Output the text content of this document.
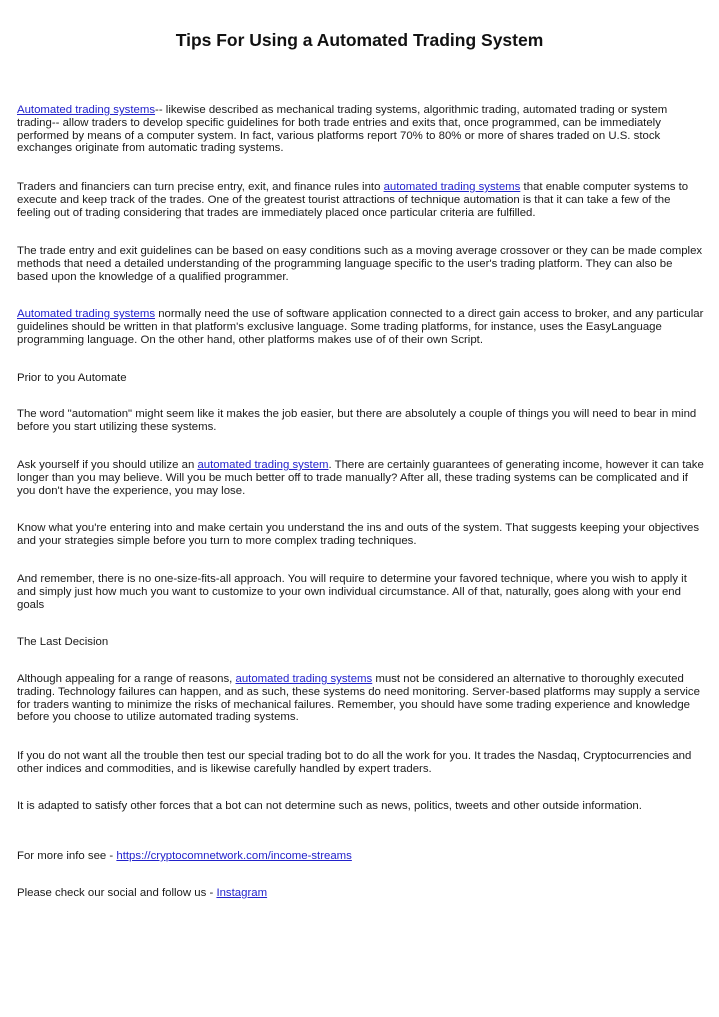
Tips For Using a Automated Trading System

Automated trading systems-- likewise described as mechanical trading systems, algorithmic trading, automated trading or system trading-- allow traders to develop specific guidelines for both trade entries and exits that, once programmed, can be immediately performed by means of a computer system. In fact, various platforms report 70% to 80% or more of shares traded on U.S. stock exchanges originate from automatic trading systems.

Traders and financiers can turn precise entry, exit, and finance rules into automated trading systems that enable computer systems to execute and keep track of the trades. One of the greatest tourist attractions of technique automation is that it can take a few of the feeling out of trading considering that trades are immediately placed once particular criteria are fulfilled.

The trade entry and exit guidelines can be based on easy conditions such as a moving average crossover or they can be made complex methods that need a detailed understanding of the programming language specific to the user's trading platform. They can also be based upon the knowledge of a qualified programmer.

Automated trading systems normally need the use of software application connected to a direct gain access to broker, and any particular guidelines should be written in that platform's exclusive language. Some trading platforms, for instance, uses the EasyLanguage programming language. On the other hand, other platforms makes use of of their own Script.

Prior to you Automate

The word "automation" might seem like it makes the job easier, but there are absolutely a couple of things you will need to bear in mind before you start utilizing these systems.

Ask yourself if you should utilize an automated trading system. There are certainly guarantees of generating income, however it can take longer than you may believe. Will you be much better off to trade manually? After all, these trading systems can be complicated and if you don't have the experience, you may lose.

Know what you're entering into and make certain you understand the ins and outs of the system. That suggests keeping your objectives and your strategies simple before you turn to more complex trading techniques.

And remember, there is no one-size-fits-all approach. You will require to determine your favored technique, where you wish to apply it and simply just how much you want to customize to your own individual circumstance. All of that, naturally, goes along with your end goals

The Last Decision

Although appealing for a range of reasons, automated trading systems must not be considered an alternative to thoroughly executed trading. Technology failures can happen, and as such, these systems do need monitoring. Server-based platforms may supply a service for traders wanting to minimize the risks of mechanical failures. Remember, you should have some trading experience and knowledge before you choose to utilize automated trading systems.

If you do not want all the trouble then test our special trading bot to do all the work for you. It trades the Nasdaq, Cryptocurrencies and other indices and commodities, and is likewise carefully handled by expert traders.

It is adapted to satisfy other forces that a bot can not determine such as news, politics, tweets and other outside information.

For more info see - https://cryptocomnetwork.com/income-streams

Please check our social and follow us - Instagram
